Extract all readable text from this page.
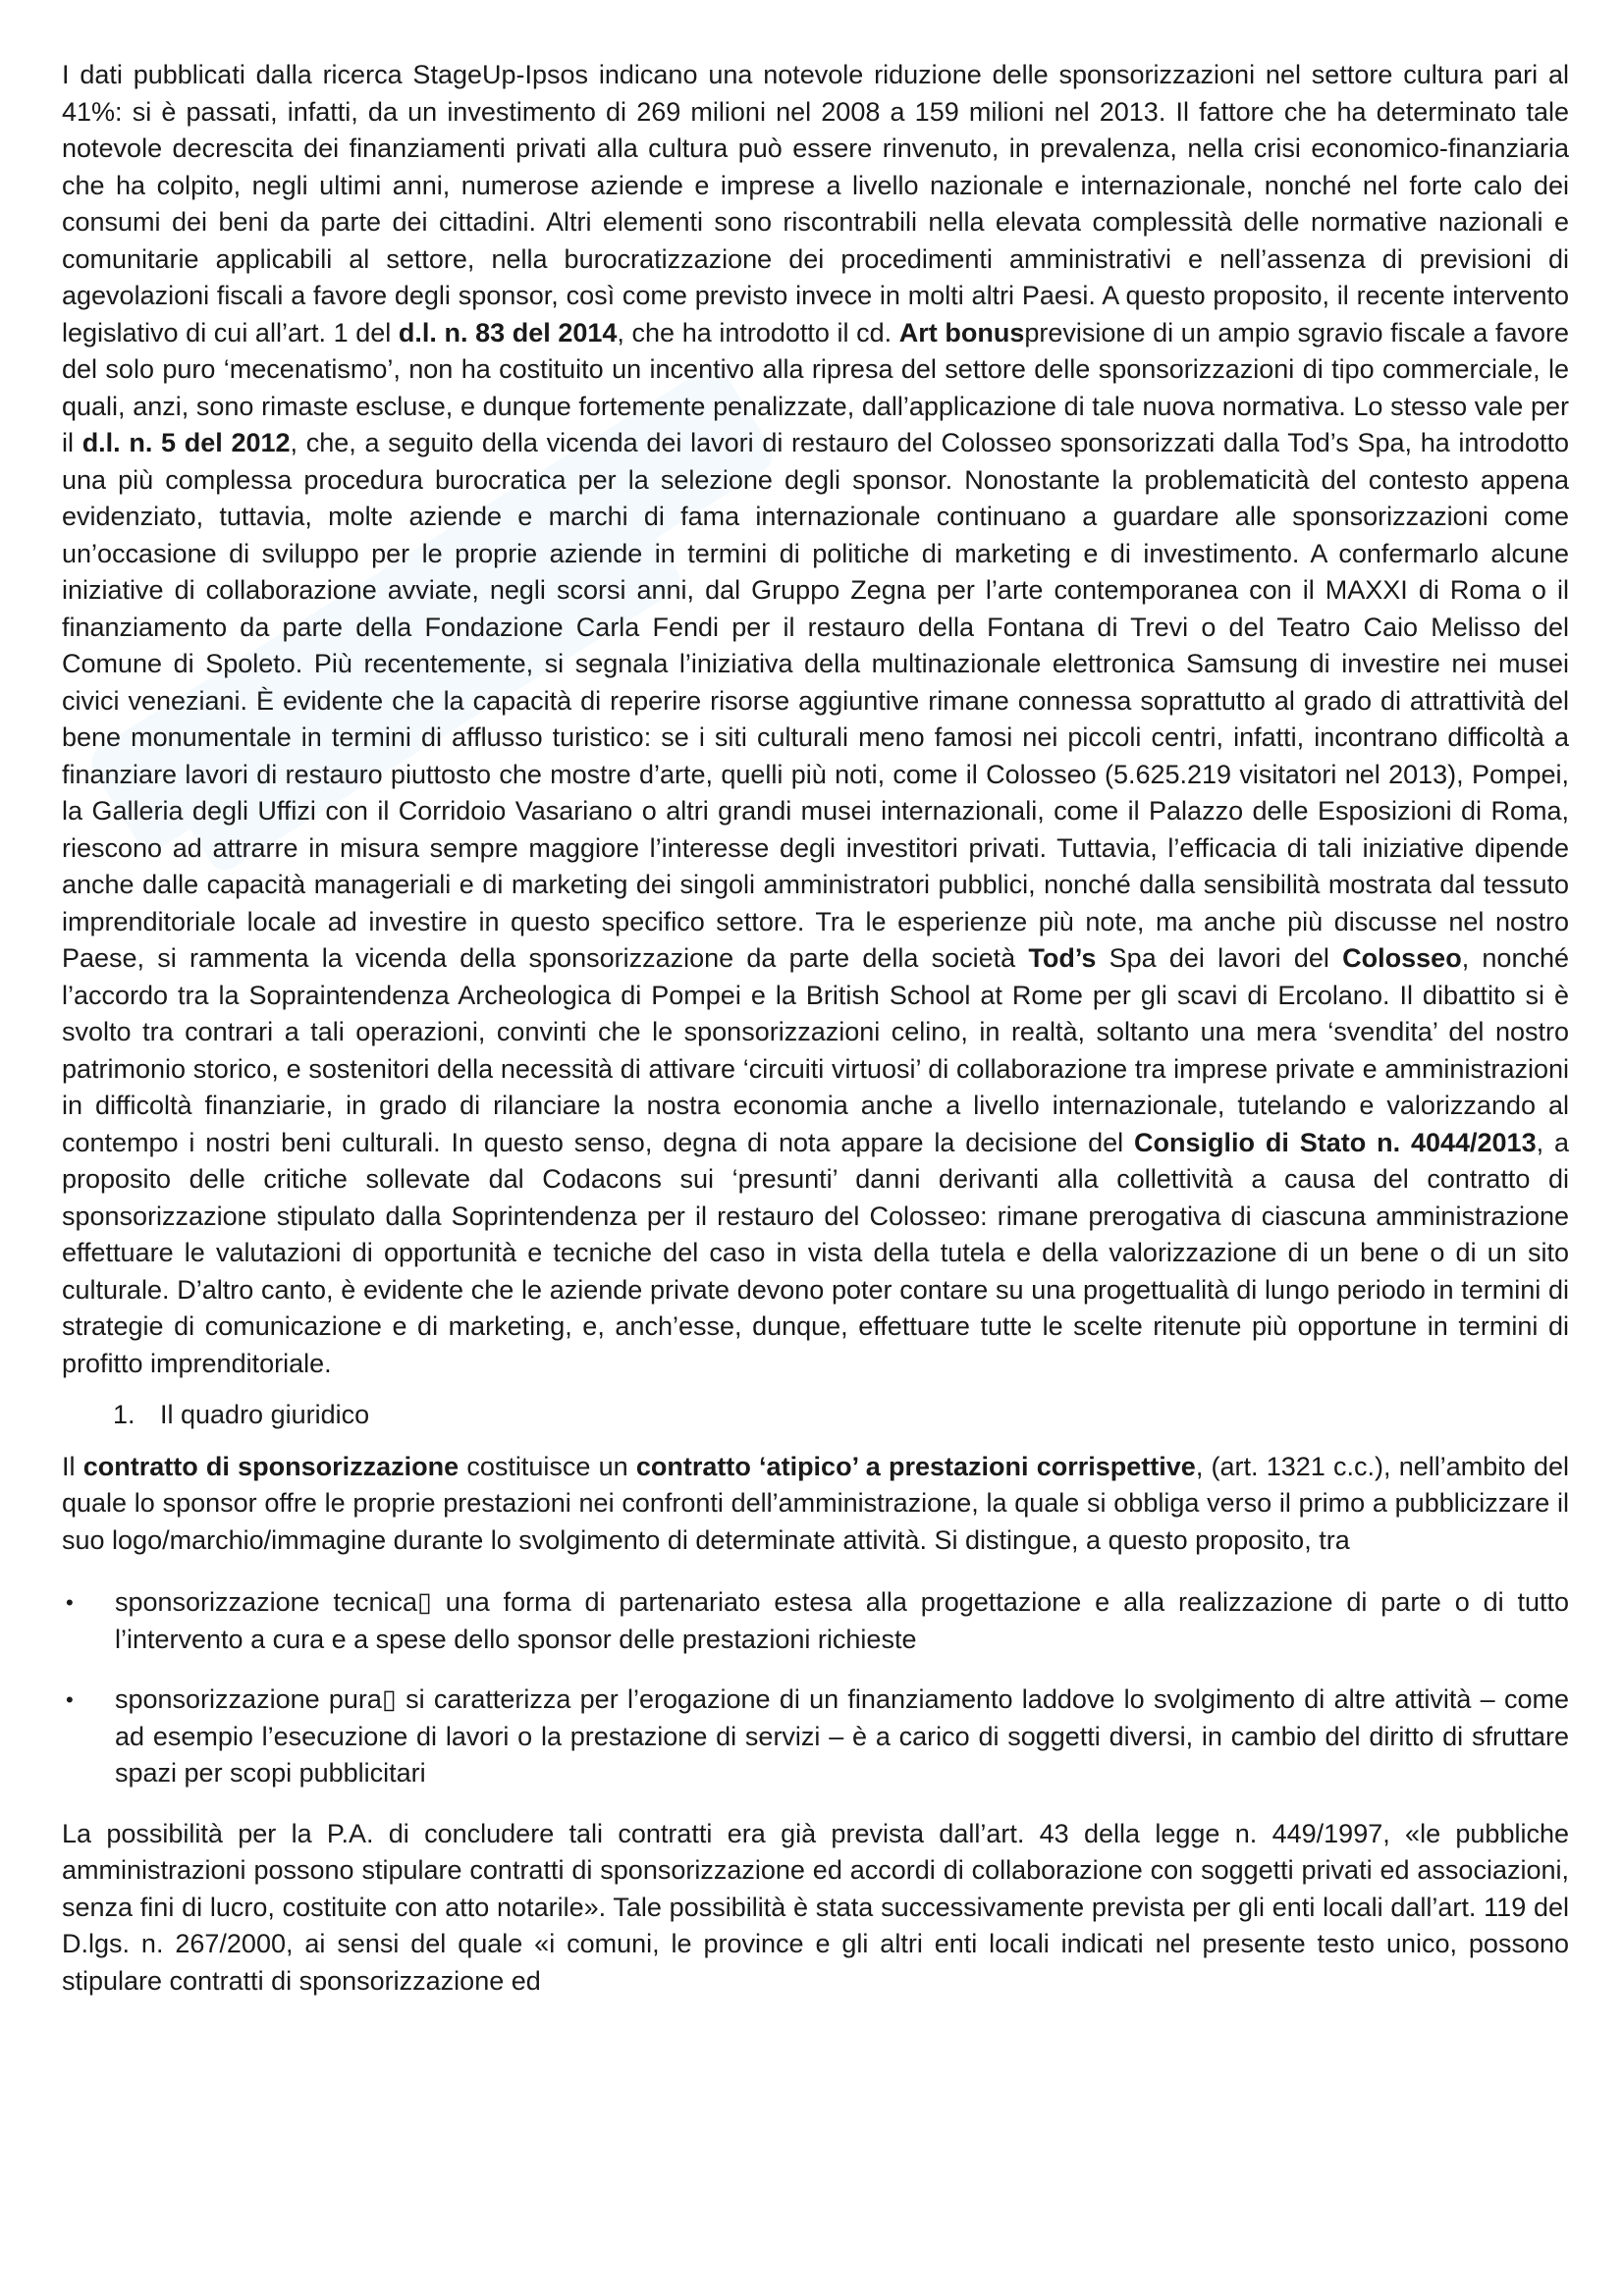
I dati pubblicati dalla ricerca StageUp-Ipsos indicano una notevole riduzione delle sponsorizzazioni nel settore cultura pari al 41%: si è passati, infatti, da un investimento di 269 milioni nel 2008 a 159 milioni nel 2013. Il fattore che ha determinato tale notevole decrescita dei finanziamenti privati alla cultura può essere rinvenuto, in prevalenza, nella crisi economico-finanziaria che ha colpito, negli ultimi anni, numerose aziende e imprese a livello nazionale e internazionale, nonché nel forte calo dei consumi dei beni da parte dei cittadini. Altri elementi sono riscontrabili nella elevata complessità delle normative nazionali e comunitarie applicabili al settore, nella burocratizzazione dei procedimenti amministrativi e nell’assenza di previsioni di agevolazioni fiscali a favore degli sponsor, così come previsto invece in molti altri Paesi. A questo proposito, il recente intervento legislativo di cui all’art. 1 del d.l. n. 83 del 2014, che ha introdotto il cd. Art bonusprevisione di un ampio sgravio fiscale a favore del solo puro ‘mecenatismo’, non ha costituito un incentivo alla ripresa del settore delle sponsorizzazioni di tipo commerciale, le quali, anzi, sono rimaste escluse, e dunque fortemente penalizzate, dall’applicazione di tale nuova normativa. Lo stesso vale per il d.l. n. 5 del 2012, che, a seguito della vicenda dei lavori di restauro del Colosseo sponsorizzati dalla Tod’s Spa, ha introdotto una più complessa procedura burocratica per la selezione degli sponsor. Nonostante la problematicità del contesto appena evidenziato, tuttavia, molte aziende e marchi di fama internazionale continuano a guardare alle sponsorizzazioni come un’occasione di sviluppo per le proprie aziende in termini di politiche di marketing e di investimento. A confermarlo alcune iniziative di collaborazione avviate, negli scorsi anni, dal Gruppo Zegna per l’arte contemporanea con il MAXXI di Roma o il finanziamento da parte della Fondazione Carla Fendi per il restauro della Fontana di Trevi o del Teatro Caio Melisso del Comune di Spoleto. Più recentemente, si segnala l’iniziativa della multinazionale elettronica Samsung di investire nei musei civici veneziani. È evidente che la capacità di reperire risorse aggiuntive rimane connessa soprattutto al grado di attrattività del bene monumentale in termini di afflusso turistico: se i siti culturali meno famosi nei piccoli centri, infatti, incontrano difficoltà a finanziare lavori di restauro piuttosto che mostre d’arte, quelli più noti, come il Colosseo (5.625.219 visitatori nel 2013), Pompei, la Galleria degli Uffizi con il Corridoio Vasariano o altri grandi musei internazionali, come il Palazzo delle Esposizioni di Roma, riescono ad attrarre in misura sempre maggiore l’interesse degli investitori privati. Tuttavia, l’efficacia di tali iniziative dipende anche dalle capacità manageriali e di marketing dei singoli amministratori pubblici, nonché dalla sensibilità mostrata dal tessuto imprenditoriale locale ad investire in questo specifico settore. Tra le esperienze più note, ma anche più discusse nel nostro Paese, si rammenta la vicenda della sponsorizzazione da parte della società Tod’s Spa dei lavori del Colosseo, nonché l’accordo tra la Sopraintendenza Archeologica di Pompei e la British School at Rome per gli scavi di Ercolano. Il dibattito si è svolto tra contrari a tali operazioni, convinti che le sponsorizzazioni celino, in realtà, soltanto una mera ‘svendita’ del nostro patrimonio storico, e sostenitori della necessità di attivare ‘circuiti virtuosi’ di collaborazione tra imprese private e amministrazioni in difficoltà finanziarie, in grado di rilanciare la nostra economia anche a livello internazionale, tutelando e valorizzando al contempo i nostri beni culturali. In questo senso, degna di nota appare la decisione del Consiglio di Stato n. 4044/2013, a proposito delle critiche sollevate dal Codacons sui ‘presunti’ danni derivanti alla collettività a causa del contratto di sponsorizzazione stipulato dalla Soprintendenza per il restauro del Colosseo: rimane prerogativa di ciascuna amministrazione effettuare le valutazioni di opportunità e tecniche del caso in vista della tutela e della valorizzazione di un bene o di un sito culturale. D’altro canto, è evidente che le aziende private devono poter contare su una progettualità di lungo periodo in termini di strategie di comunicazione e di marketing, e, anch’esse, dunque, effettuare tutte le scelte ritenute più opportune in termini di profitto imprenditoriale.

1. Il quadro giuridico

Il contratto di sponsorizzazione costituisce un contratto ‘atipico’ a prestazioni corrispettive, (art. 1321 c.c.), nell’ambito del quale lo sponsor offre le proprie prestazioni nei confronti dell’amministrazione, la quale si obbliga verso il primo a pubblicizzare il suo logo/marchio/immagine durante lo svolgimento di determinate attività. Si distingue, a questo proposito, tra

•	sponsorizzazione tecnica▯ una forma di partenariato estesa alla progettazione e alla realizzazione di parte o di tutto l’intervento a cura e a spese dello sponsor delle prestazioni richieste
•	sponsorizzazione pura▯ si caratterizza per l’erogazione di un finanziamento laddove lo svolgimento di altre attività – come ad esempio l’esecuzione di lavori o la prestazione di servizi – è a carico di soggetti diversi, in cambio del diritto di sfruttare spazi per scopi pubblicitari

La possibilità per la P.A. di concludere tali contratti era già prevista dall’art. 43 della legge n. 449/1997, «le pubbliche amministrazioni possono stipulare contratti di sponsorizzazione ed accordi di collaborazione con soggetti privati ed associazioni, senza fini di lucro, costituite con atto notarile». Tale possibilità è stata successivamente prevista per gli enti locali dall’art. 119 del D.lgs. n. 267/2000, ai sensi del quale «i comuni, le province e gli altri enti locali indicati nel presente testo unico, possono stipulare contratti di sponsorizzazione ed
